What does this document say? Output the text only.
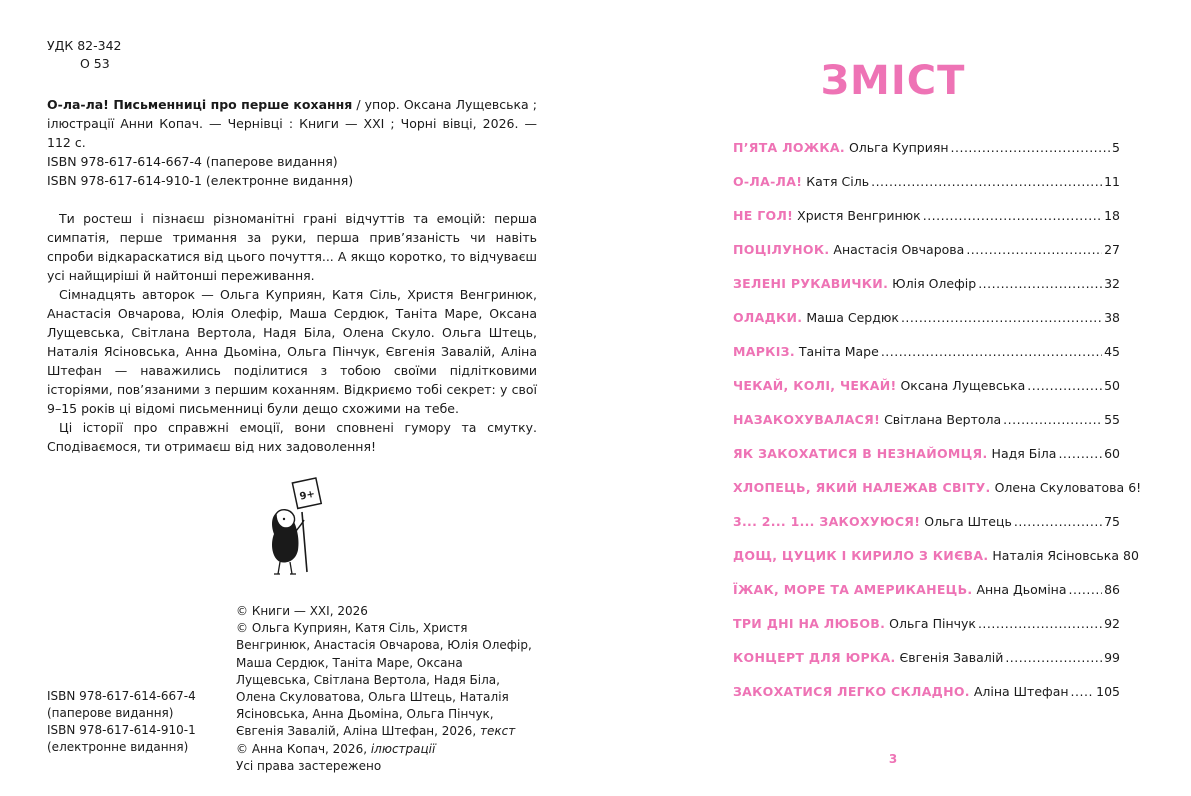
УДК 82-342
О 53
О-ла-ла! Письменниці про перше кохання / упор. Оксана Лущевська ; ілюстрації Анни Копач. — Чернівці : Книги — XXI ; Чорні вівці, 2026. — 112 с.
ISBN 978-617-614-667-4 (паперове видання)
ISBN 978-617-614-910-1 (електронне видання)

Ти ростеш і пізнаєш різноманітні грані відчуттів та емоцій: перша симпатія, перше тримання за руки, перша прив’язаність чи навіть спроби відкараскатися від цього почуття... А якщо коротко, то відчуваєш усі найщиріші й найтонші переживання.

Сімнадцять авторок — Ольга Куприян, Катя Сіль, Христя Венгринюк, Анастасія Овчарова, Юлія Олефір, Маша Сердюк, Таніта Маре, Оксана Лущевська, Світлана Вертола, Надя Біла, Олена Скуло. Ольга Штець, Наталія Ясіновська, Анна Дьоміна, Ольга Пінчук, Євгенія Завалій, Аліна Штефан — наважились поділитися з тобою своїми підлітковими історіями, пов’язаними з першим коханням. Відкриємо тобі секрет: у свої 9–15 років ці відомі письменниці були дещо схожими на тебе.

Ці історії про справжні емоції, вони сповнені гумору та смутку. Сподіваємося, ти отримаєш від них задоволення!

9+
ISBN 978-617-614-667-4
(паперове видання)
ISBN 978-617-614-910-1
(електронне видання)
© Книги — XXI, 2026
© Ольга Куприян, Катя Сіль, Христя Венгринюк, Анастасія Овчарова, Юлія Олефір, Маша Сердюк, Таніта Маре, Оксана Лущевська, Світлана Вертола, Надя Біла, Олена Скуловатова, Ольга Штець, Наталія Ясіновська, Анна Дьоміна, Ольга Пінчук, Євгенія Завалій, Аліна Штефан, 2026, текст
© Анна Копач, 2026, ілюстрації
Усі права застережено
ЗМІСТ
П’ЯТА ЛОЖКА. Ольга Куприян .....	5
О-ЛА-ЛА! Катя Сіль .....	11
НЕ ГОЛ! Христя Венгринюк .....	18
ПОЦІЛУНОК. Анастасія Овчарова .....	27
ЗЕЛЕНІ РУКАВИЧКИ. Юлія Олефір .....	32
ОЛАДКИ. Маша Сердюк .....	38
МАРКІЗ. Таніта Маре .....	45
ЧЕКАЙ, КОЛІ, ЧЕКАЙ! Оксана Лущевська .....	50
НАЗАКОХУВАЛАСЯ! Світлана Вертола .....	55
ЯК ЗАКОХАТИСЯ В НЕЗНАЙОМЦЯ. Надя Біла .....	60
ХЛОПЕЦЬ, ЯКИЙ НАЛЕЖАВ СВІТУ. Олена Скуловатова 6!
3... 2... 1... ЗАКОХУЮСЯ! Ольга Штець .....	75
ДОЩ, ЦУЦИК І КИРИЛО З КИЄВА. Наталія Ясіновська 80
ЇЖАК, МОРЕ ТА АМЕРИКАНЕЦЬ. Анна Дьоміна .....	86
ТРИ ДНІ НА ЛЮБОВ. Ольга Пінчук .....	92
КОНЦЕРТ ДЛЯ ЮРКА. Євгенія Завалій .....	99
ЗАКОХАТИСЯ ЛЕГКО СКЛАДНО. Аліна Штефан ..... 105
3
